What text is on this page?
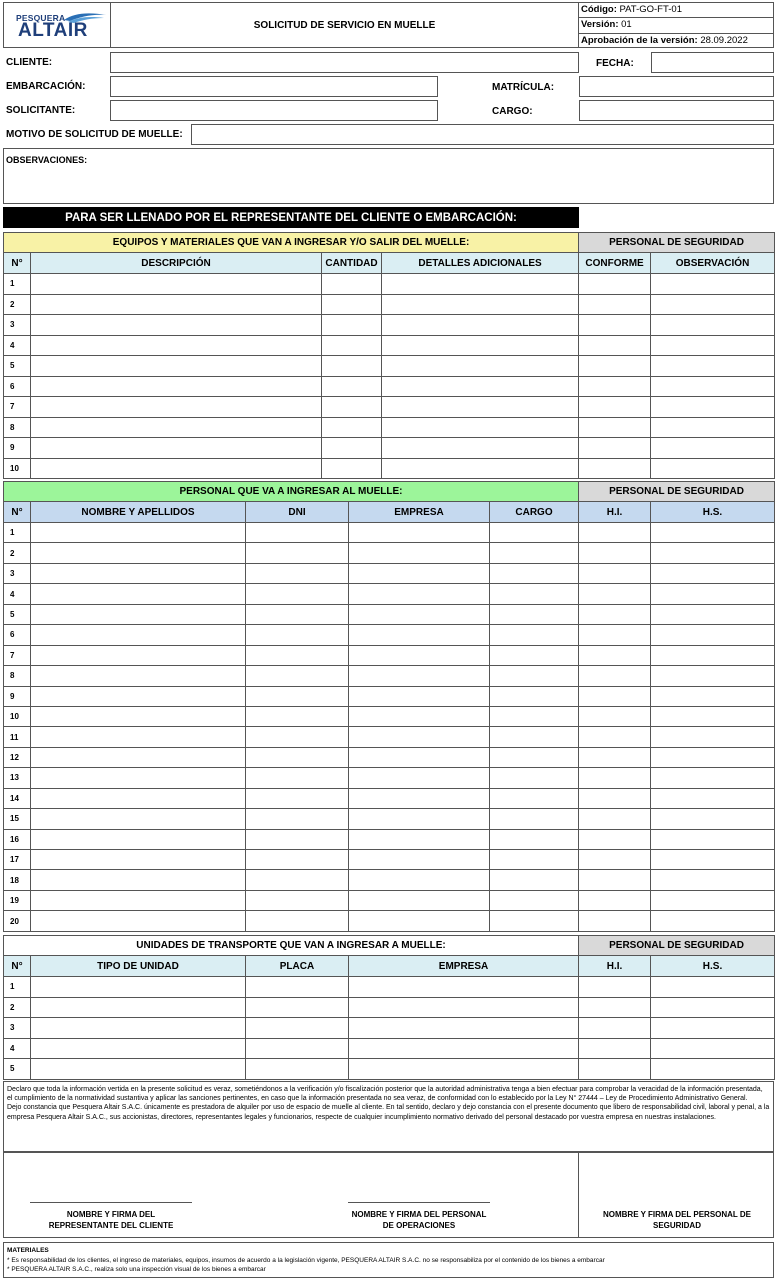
PESQUERA
ALTAIR	SOLICITUD DE SERVICIO EN MUELLE
Código: PAT-GO-FT-01
Versión: 01
Aprobación de la versión: 28.09.2022
CLIENTE:	FECHA:
EMBARCACIÓN:	MATRÍCULA:
SOLICITANTE:	CARGO:
MOTIVO DE SOLICITUD DE MUELLE:
OBSERVACIONES:
PARA SER LLENADO POR EL REPRESENTANTE DEL CLIENTE O EMBARCACIÓN:
EQUIPOS Y MATERIALES QUE VAN A INGRESAR Y/O SALIR DEL MUELLE:				PERSONAL DE SEGURIDAD	
N°	DESCRIPCIÓN	CANTIDAD	DETALLES ADICIONALES	CONFORME	OBSERVACIÓN
1					
2					
3					
4					
5					
6					
7					
8					
9					
10					
PERSONAL QUE VA A INGRESAR AL MUELLE:					PERSONAL DE SEGURIDAD	
N°	NOMBRE Y APELLIDOS	DNI	EMPRESA	CARGO	H.I.	H.S.
1						
2						
3						
4						
5						
6						
7						
8						
9						
10						
11						
12						
13						
14						
15						
16						
17						
18						
19						
20						
UNIDADES DE TRANSPORTE QUE VAN A INGRESAR A MUELLE:				PERSONAL DE SEGURIDAD	
N°	TIPO DE UNIDAD	PLACA	EMPRESA	H.I.	H.S.
1					
2					
3					
4					
5					

Declaro que toda la información vertida en la presente solicitud es veraz, sometiéndonos a la verificación y/o fiscalización posterior que la autoridad administrativa tenga a bien efectuar para comprobar la veracidad de la información presentada, el cumplimiento de la normatividad sustantiva y aplicar las sanciones pertinentes, en caso que la información presentada no sea veraz, de conformidad con lo establecido por la Ley N° 27444 – Ley de Procedimiento Administrativo General.

Dejo constancia que Pesquera Altair S.A.C. únicamente es prestadora de alquiler por uso de espacio de muelle al cliente. En tal sentido, declaro y dejo constancia con el presente documento que libero de responsabilidad civil, laboral y penal, a la empresa Pesquera Altair S.A.C., sus accionistas, directores, representantes legales y funcionarios, respecte de cualquier incumplimiento normativo derivado del personal destacado por vuestra empresa en nuestras instalaciones.

NOMBRE Y FIRMA DEL
REPRESENTANTE DEL CLIENTE
NOMBRE Y FIRMA DEL PERSONAL
DE OPERACIONES
NOMBRE Y FIRMA DEL PERSONAL DE
SEGURIDAD
MATERIALES
* Es responsabilidad de los clientes, el ingreso de materiales, equipos, insumos de acuerdo a la legislación vigente, PESQUERA ALTAIR S.A.C. no se responsabiliza por el contenido de los bienes a embarcar
* PESQUERA ALTAIR S.A.C., realiza solo una inspección visual de los bienes a embarcar
